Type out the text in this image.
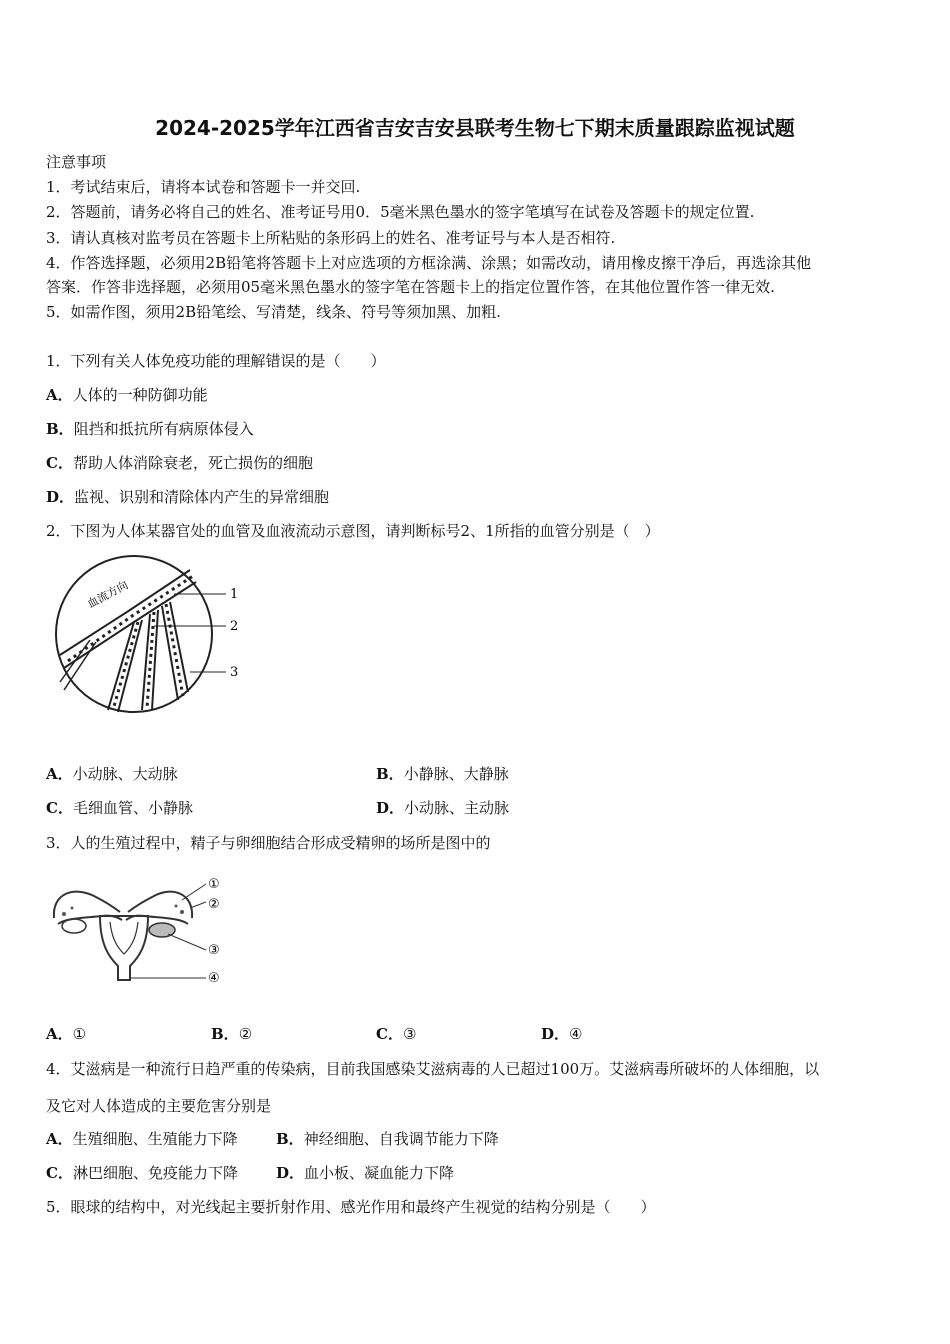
2024-2025学年江西省吉安吉安县联考生物七下期末质量跟踪监视试题
注意事项
1．考试结束后，请将本试卷和答题卡一并交回.
2．答题前，请务必将自己的姓名、准考证号用0．5毫米黑色墨水的签字笔填写在试卷及答题卡的规定位置.
3．请认真核对监考员在答题卡上所粘贴的条形码上的姓名、准考证号与本人是否相符.
4．作答选择题，必须用2B铅笔将答题卡上对应选项的方框涂满、涂黑；如需改动，请用橡皮擦干净后，再选涂其他
答案．作答非选择题，必须用05毫米黑色墨水的签字笔在答题卡上的指定位置作答，在其他位置作答一律无效.
5．如需作图，须用2B铅笔绘、写清楚，线条、符号等须加黑、加粗.
1．下列有关人体免疫功能的理解错误的是（　　）
A．人体的一种防御功能
B．阻挡和抵抗所有病原体侵入
C．帮助人体消除衰老，死亡损伤的细胞
D．监视、识别和清除体内产生的异常细胞
2．下图为人体某器官处的血管及血液流动示意图，请判断标号2、1所指的血管分别是（　）
血流方向	1
2
3
A．小动脉、大动脉	B．小静脉、大静脉
C．毛细血管、小静脉	D．小动脉、主动脉
3．人的生殖过程中，精子与卵细胞结合形成受精卵的场所是图中的
①
②
③
④
A．①	B．②	C．③	D．④
4．艾滋病是一种流行日趋严重的传染病，目前我国感染艾滋病毒的人已超过100万。艾滋病毒所破坏的人体细胞，以
及它对人体造成的主要危害分别是
A．生殖细胞、生殖能力下降	B．神经细胞、自我调节能力下降
C．淋巴细胞、免疫能力下降	D．血小板、凝血能力下降
5．眼球的结构中，对光线起主要折射作用、感光作用和最终产生视觉的结构分别是（　　）
